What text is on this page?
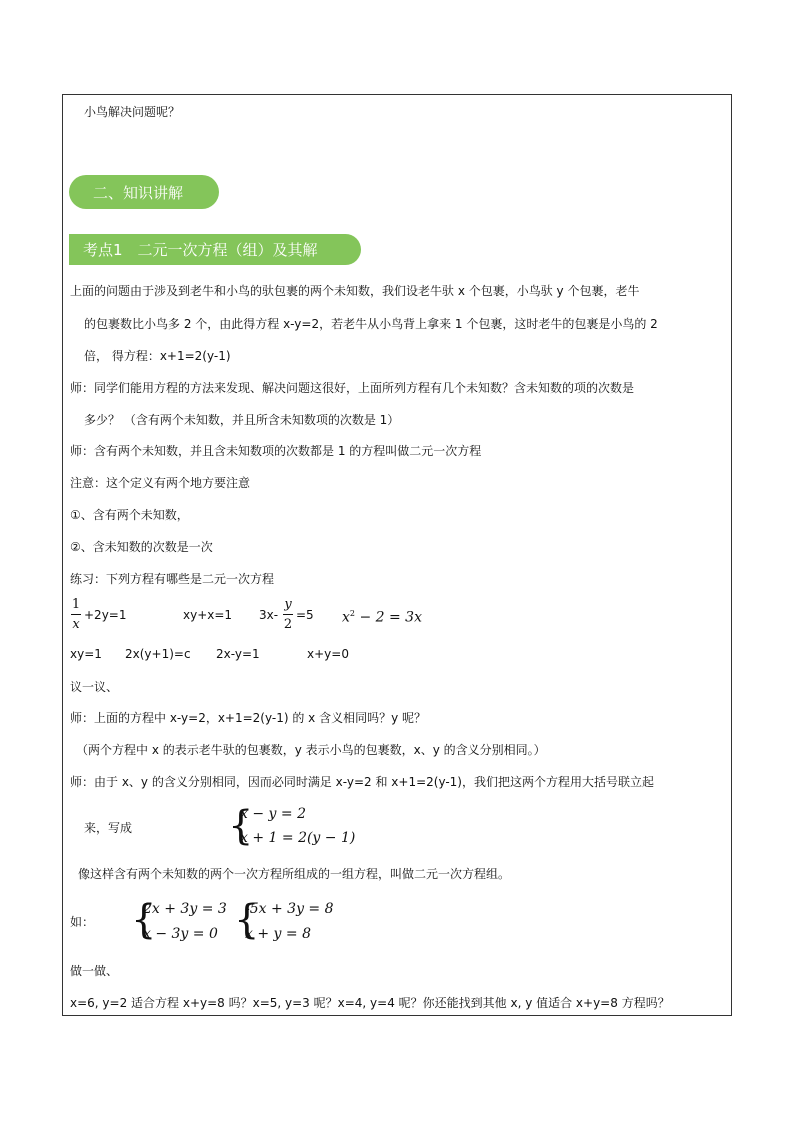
小鸟解决问题呢？
二、知识讲解
考点1　二元一次方程（组）及其解
上面的问题由于涉及到老牛和小鸟的驮包裹的两个未知数，我们设老牛驮 x 个包裹，小鸟驮 y 个包裹，老牛
的包裹数比小鸟多 2 个，由此得方程 x-y=2，若老牛从小鸟背上拿来 1 个包裹，这时老牛的包裹是小鸟的 2
倍， 得方程：x+1=2(y-1)
师：同学们能用方程的方法来发现、解决问题这很好，上面所列方程有几个未知数？含未知数的项的次数是
多少？ （含有两个未知数，并且所含未知数项的次数是 1）
师：含有两个未知数，并且含未知数项的次数都是 1 的方程叫做二元一次方程
注意：这个定义有两个地方要注意
①、含有两个未知数，
②、含未知数的次数是一次
练习：下列方程有哪些是二元一次方程
1
x
+2y=1	xy+x=1 3x-
y
2
=5 $x^2 - 2 = 3x$
xy=1 2x(y+1)=c 2x-y=1	x+y=0
议一议、
师：上面的方程中 x-y=2，x+1=2(y-1) 的 x 含义相同吗？y 呢？
（两个方程中 x 的表示老牛驮的包裹数，y 表示小鸟的包裹数，x、y 的含义分别相同。）
师：由于 x、y 的含义分别相同，因而必同时满足 x-y=2 和 x+1=2(y-1)，我们把这两个方程用大括号联立起
来，写成 {
x − y = 2
x + 1 = 2(y − 1)
像这样含有两个未知数的两个一次方程所组成的一组方程，叫做二元一次方程组。
如： {
2x + 3y = 3
x − 3y = 0 {
-5x + 3y = 8
x + y = 8
做一做、
x=6, y=2 适合方程 x+y=8 吗？x=5, y=3 呢？x=4, y=4 呢？你还能找到其他 x, y 值适合 x+y=8 方程吗？
